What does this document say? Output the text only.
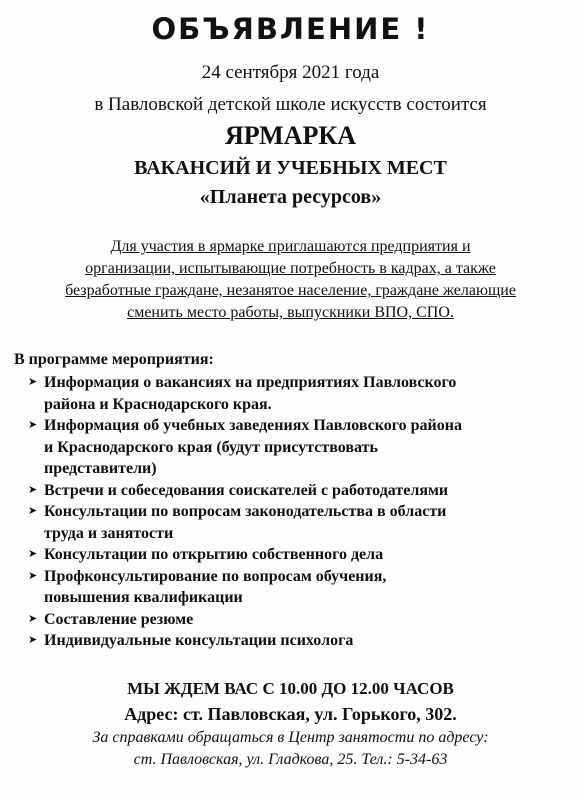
ОБЪЯВЛЕНИЕ !
24 сентября 2021 года
в Павловской детской школе искусств состоится
ЯРМАРКА
ВАКАНСИЙ И УЧЕБНЫХ МЕСТ
«Планета ресурсов»
Для участия в ярмарке приглашаются предприятия и
организации, испытывающие потребность в кадрах, а также
безработные граждане, незанятое население, граждане желающие
сменить место работы, выпускники ВПО, СПО.
В программе мероприятия:
➤ Информация о вакансиях на предприятиях Павловского
района и Краснодарского края.
➤ Информация об учебных заведениях Павловского района
и Краснодарского края (будут присутствовать
представители)
➤ Встречи и собеседования соискателей с работодателями
➤ Консультации по вопросам законодательства в области
труда и занятости
➤ Консультации по открытию собственного дела
➤ Профконсультирование по вопросам обучения,
повышения квалификации
➤ Составление резюме
➤ Индивидуальные консультации психолога
МЫ ЖДЕМ ВАС С 10.00 ДО 12.00 ЧАСОВ
Адрес: ст. Павловская, ул. Горького, 302.
За справками обращаться в Центр занятости по адресу:
ст. Павловская, ул. Гладкова, 25. Тел.: 5-34-63
